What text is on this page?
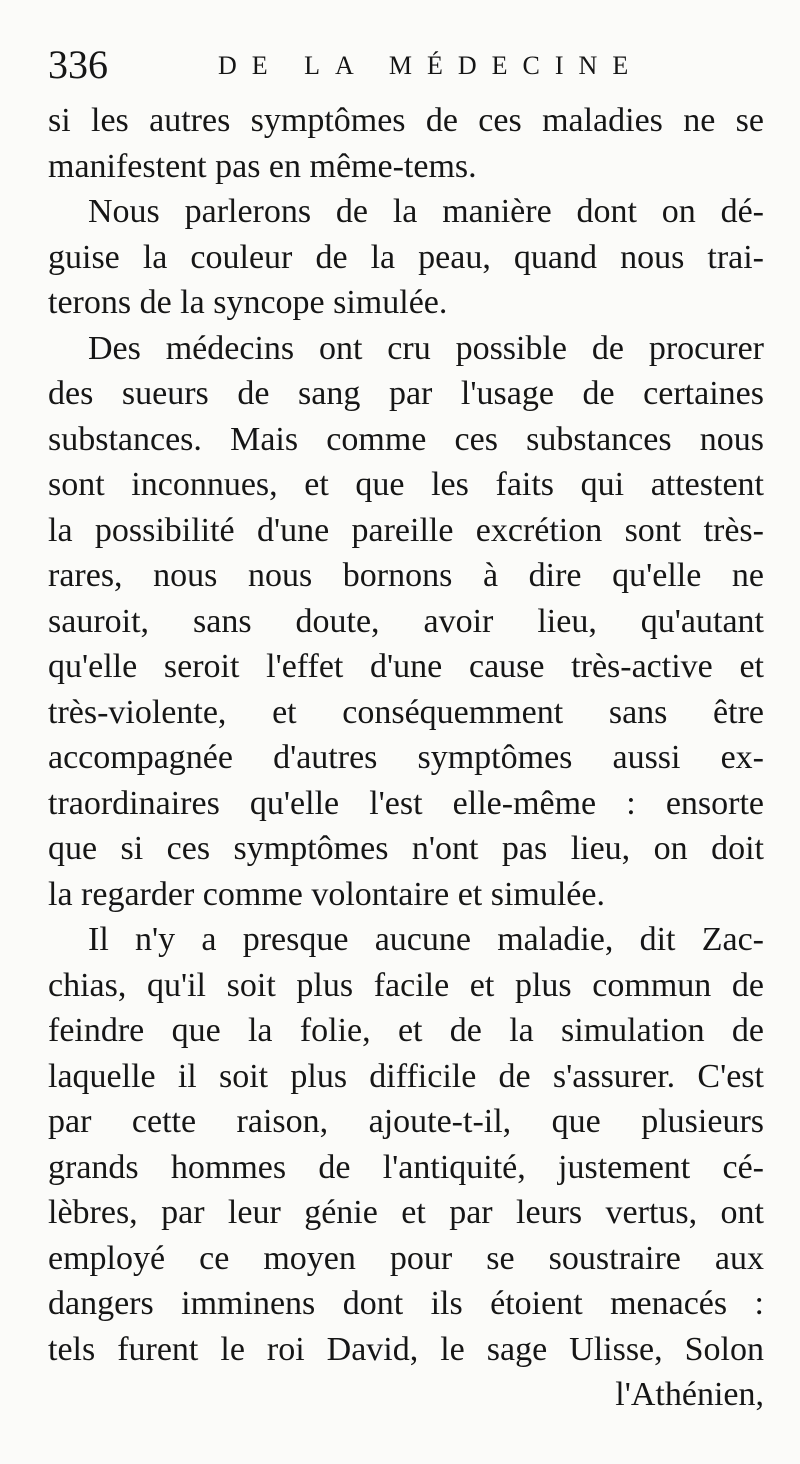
336	DE LA MÉDECINE
si les autres symptômes de ces maladies ne se
manifestent pas en même-tems.
Nous parlerons de la manière dont on dé-
guise la couleur de la peau, quand nous trai-
terons de la syncope simulée.
Des médecins ont cru possible de procurer
des sueurs de sang par l'usage de certaines
substances. Mais comme ces substances nous
sont inconnues, et que les faits qui attestent
la possibilité d'une pareille excrétion sont très-
rares, nous nous bornons à dire qu'elle ne
sauroit, sans doute, avoir lieu, qu'autant
qu'elle seroit l'effet d'une cause très-active et
très-violente, et conséquemment sans être
accompagnée d'autres symptômes aussi ex-
traordinaires qu'elle l'est elle-même : ensorte
que si ces symptômes n'ont pas lieu, on doit
la regarder comme volontaire et simulée.
Il n'y a presque aucune maladie, dit Zac-
chias, qu'il soit plus facile et plus commun de
feindre que la folie, et de la simulation de
laquelle il soit plus difficile de s'assurer. C'est
par cette raison, ajoute-t-il, que plusieurs
grands hommes de l'antiquité, justement cé-
lèbres, par leur génie et par leurs vertus, ont
employé ce moyen pour se soustraire aux
dangers imminens dont ils étoient menacés :
tels furent le roi David, le sage Ulisse, Solon
l'Athénien,
